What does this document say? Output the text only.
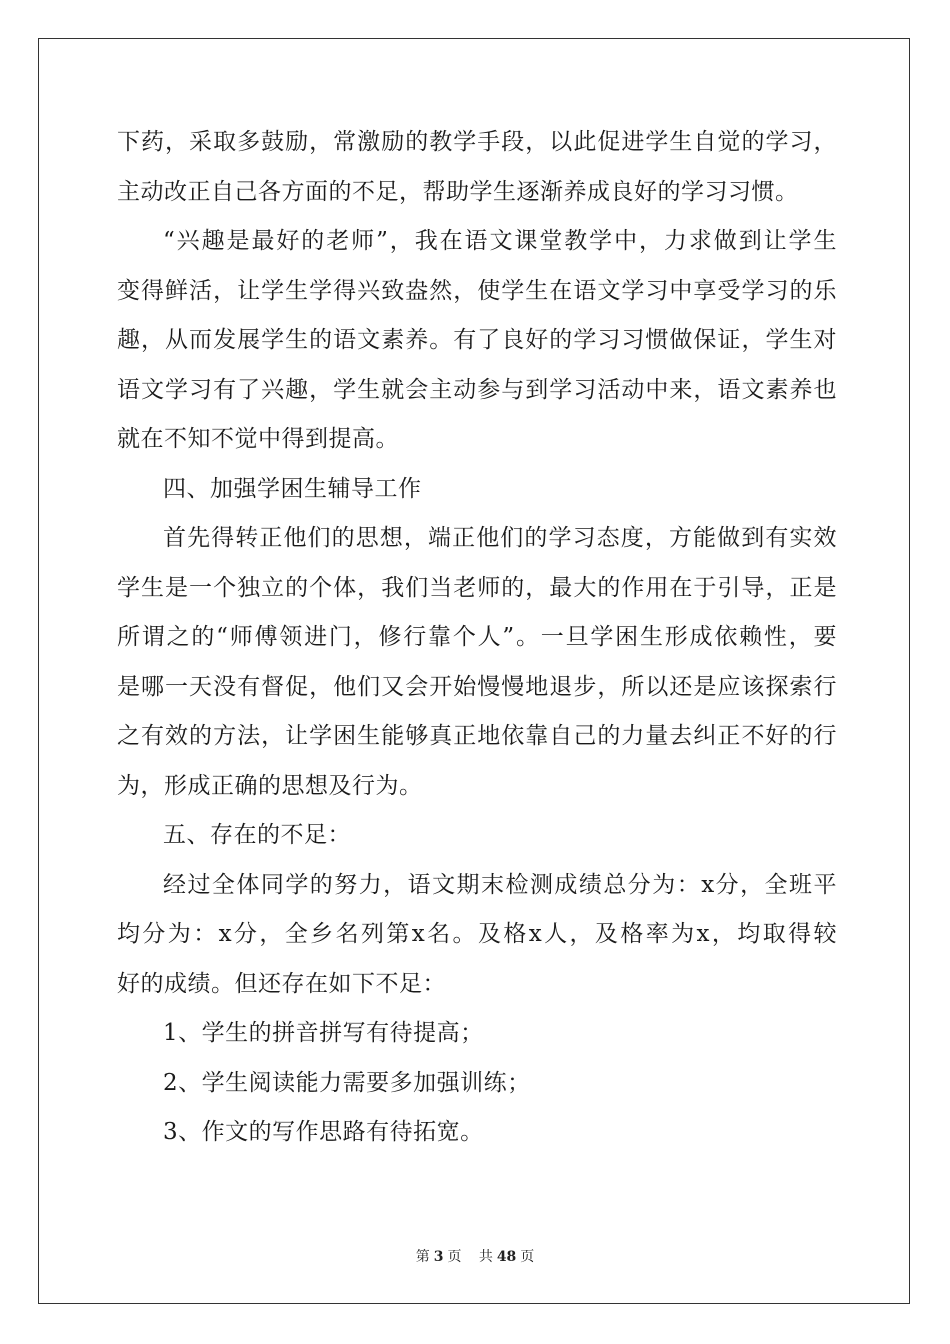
下药，采取多鼓励，常激励的教学手段，以此促进学生自觉的学习，
主动改正自己各方面的不足，帮助学生逐渐养成良好的学习习惯。
“兴趣是最好的老师”，我在语文课堂教学中，力求做到让学生
变得鲜活，让学生学得兴致盎然，使学生在语文学习中享受学习的乐
趣，从而发展学生的语文素养。有了良好的学习习惯做保证，学生对
语文学习有了兴趣，学生就会主动参与到学习活动中来，语文素养也
就在不知不觉中得到提高。
四、加强学困生辅导工作
首先得转正他们的思想，端正他们的学习态度，方能做到有实效
学生是一个独立的个体，我们当老师的，最大的作用在于引导，正是
所谓之的“师傅领进门，修行靠个人”。一旦学困生形成依赖性，要
是哪一天没有督促，他们又会开始慢慢地退步，所以还是应该探索行
之有效的方法，让学困生能够真正地依靠自己的力量去纠正不好的行
为，形成正确的思想及行为。
五、存在的不足：
经过全体同学的努力，语文期末检测成绩总分为：x分，全班平
均分为：x分，全乡名列第x名。及格x人，及格率为x，均取得较
好的成绩。但还存在如下不足：
1、学生的拼音拼写有待提高；
2、学生阅读能力需要多加强训练；
3、作文的写作思路有待拓宽。
第 3 页 共 48 页
